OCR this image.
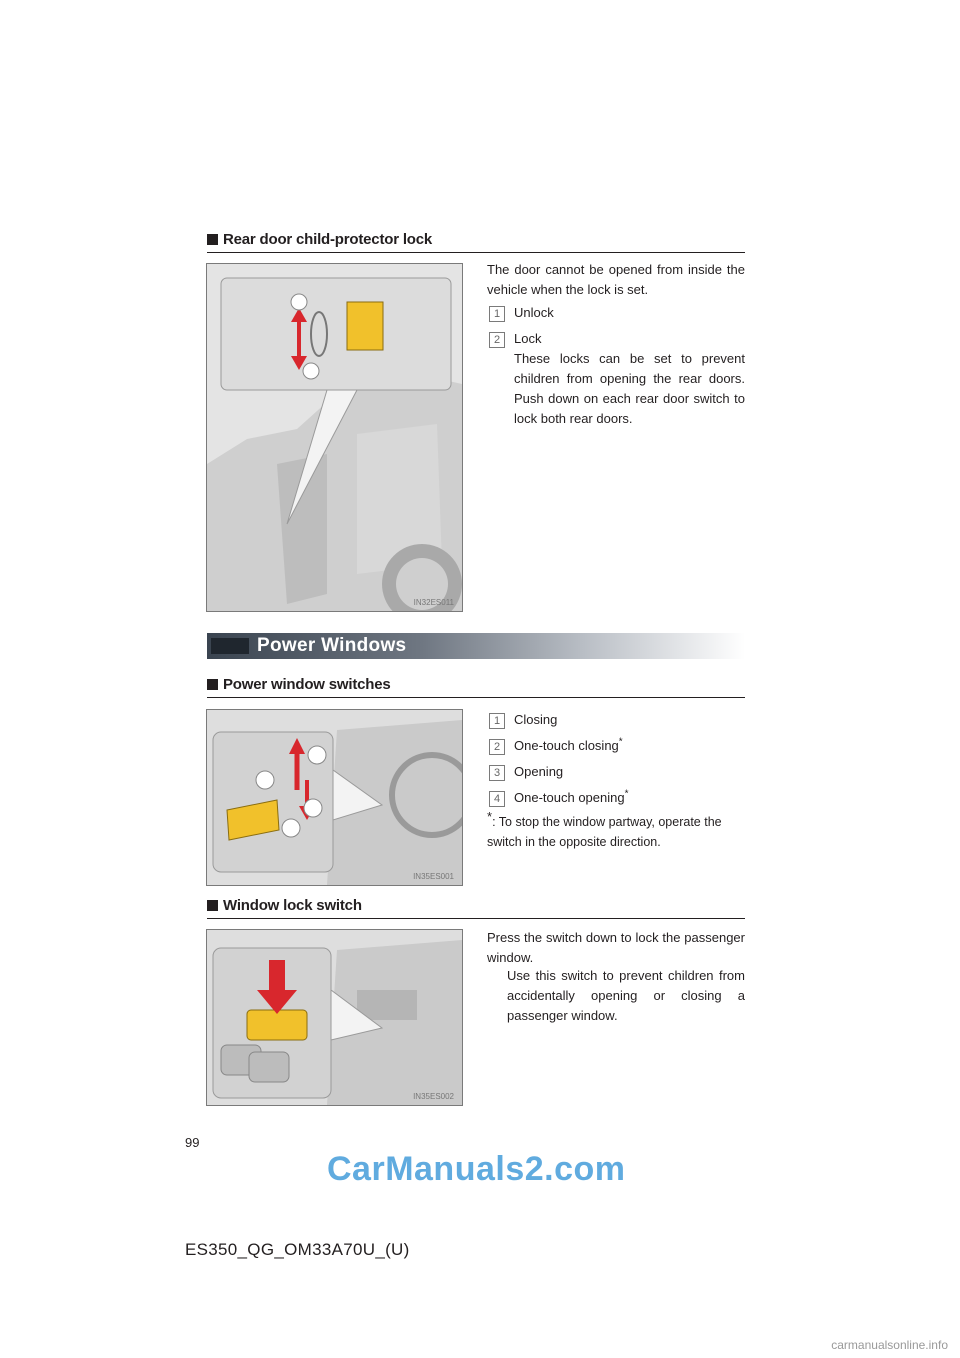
Rear door child-protector lock
IN32ES011
The door cannot be opened from inside the vehicle when the lock is set.
1	Unlock
2	Lock
These locks can be set to prevent children from opening the rear doors. Push down on each rear door switch to lock both rear doors.
Power Windows
Power window switches
IN35ES001
1	Closing
2	One-touch closing*
3	Opening
4	One-touch opening*
*: To stop the window partway, operate the switch in the opposite direction.
Window lock switch
IN35ES002
Press the switch down to lock the passenger window.
Use this switch to prevent children from accidentally opening or closing a passenger window.
99
CarManuals2.com
ES350_QG_OM33A70U_(U)
carmanualsonline.info
